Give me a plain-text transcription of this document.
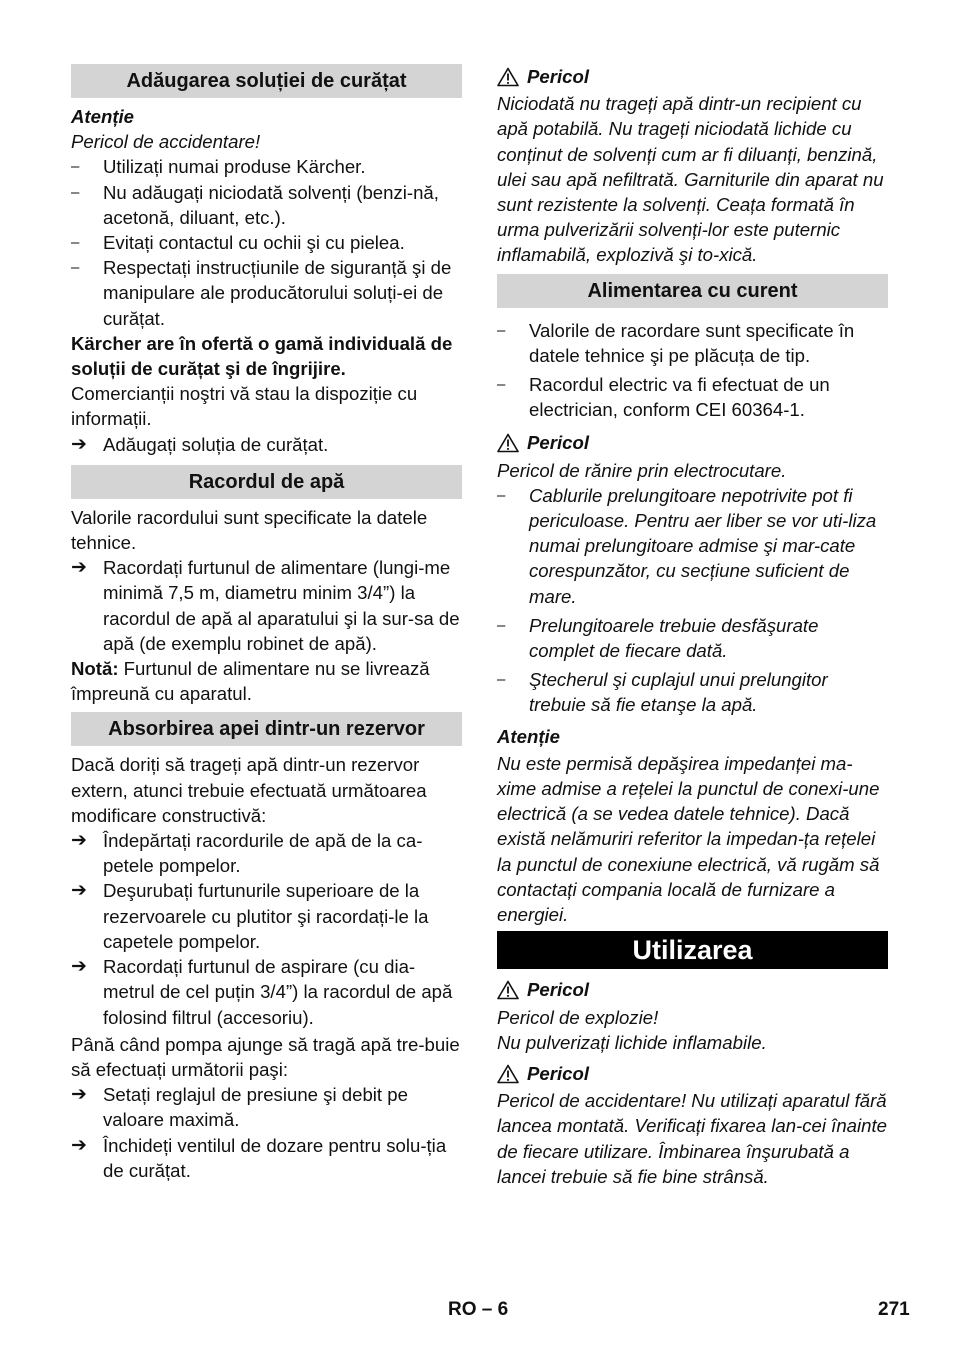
Adăugarea soluției de curățat

Atenție

Pericol de accidentare!

–	Utilizați numai produse Kärcher.
–	Nu adăugați niciodată solvenți (benzi-nă, acetonă, diluant, etc.).
–	Evitați contactul cu ochii şi cu pielea.
–	Respectați instrucțiunile de siguranță şi de manipulare ale producătorului soluți-ei de curățat.

Kärcher are în ofertă o gamă individuală de soluții de curățat şi de îngrijire.

Comercianții noştri vă stau la dispoziție cu informații.

➔ Adăugați soluția de curățat.
Racordul de apă

Valorile racordului sunt specificate la datele tehnice.

➔ Racordați furtunul de alimentare (lungi-me minimă 7,5 m, diametru minim 3/4”) la racordul de apă al aparatului şi la sur-sa de apă (de exemplu robinet de apă).

Notă: Furtunul de alimentare nu se livrează împreună cu aparatul.

Absorbirea apei dintr-un rezervor

Dacă doriți să trageți apă dintr-un rezervor extern, atunci trebuie efectuată următoarea modificare constructivă:

➔ Îndepărtați racordurile de apă de la ca-petele pompelor.
➔ Deşurubați furtunurile superioare de la rezervoarele cu plutitor şi racordați-le la capetele pompelor.
➔ Racordați furtunul de aspirare (cu dia-metrul de cel puțin 3/4”) la racordul de apă folosind filtrul (accesoriu).

Până când pompa ajunge să tragă apă tre-buie să efectuați următorii paşi:

➔ Setați reglajul de presiune şi debit pe valoare maximă.
➔ Închideți ventilul de dozare pentru solu-ția de curățat.
Pericol

Niciodată nu trageți apă dintr-un recipient cu apă potabilă. Nu trageți niciodată lichide cu conținut de solvenți cum ar fi diluanți, benzină, ulei sau apă nefiltrată. Garniturile din aparat nu sunt rezistente la solvenți. Ceața formată în urma pulverizării solvenți-lor este puternic inflamabilă, explozivă şi to-xică.

Alimentarea cu curent
–	Valorile de racordare sunt specificate în datele tehnice şi pe plăcuța de tip.
–	Racordul electric va fi efectuat de un electrician, conform CEI 60364-1.
Pericol

Pericol de rănire prin electrocutare.

–	Cablurile prelungitoare nepotrivite pot fi periculoase. Pentru aer liber se vor uti-liza numai prelungitoare admise şi mar-cate corespunzător, cu secțiune suficient de mare.
–	Prelungitoarele trebuie desfăşurate complet de fiecare dată.
–	Ştecherul şi cuplajul unui prelungitor trebuie să fie etanşe la apă.

Atenție

Nu este permisă depăşirea impedanței ma-xime admise a rețelei la punctul de conexi-une electrică (a se vedea datele tehnice). Dacă există nelămuriri referitor la impedan-ța rețelei la punctul de conexiune electrică, vă rugăm să contactați compania locală de furnizare a energiei.

Utilizarea
Pericol

Pericol de explozie!

Nu pulverizați lichide inflamabile.

Pericol

Pericol de accidentare! Nu utilizați aparatul fără lancea montată. Verificați fixarea lan-cei înainte de fiecare utilizare. Îmbinarea înşurubată a lancei trebuie să fie bine strânsă.

RO – 6	271
